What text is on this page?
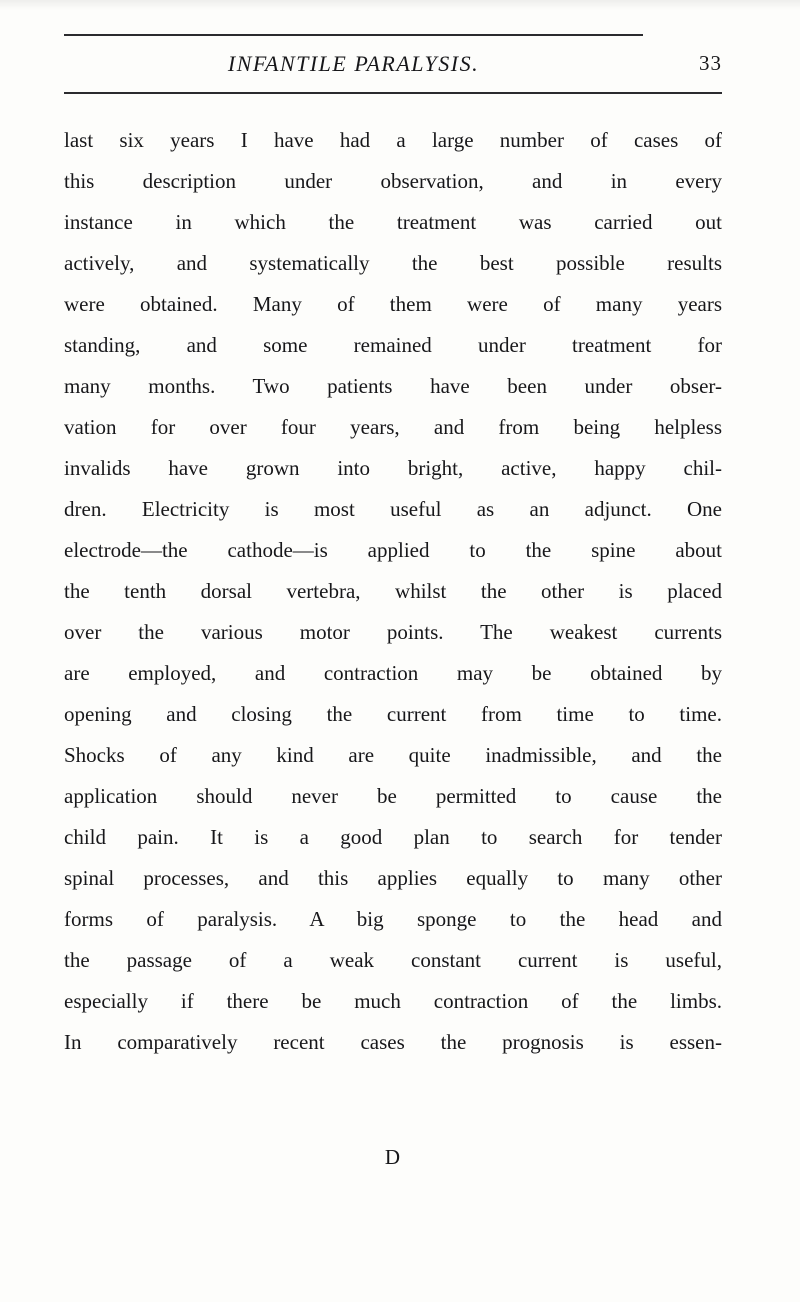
INFANTILE PARALYSIS.	33
last six years I have had a large number of cases of
this description under observation, and in every
instance in which the treatment was carried out
actively, and systematically the best possible results
were obtained. Many of them were of many years
standing, and some remained under treatment for
many months. Two patients have been under obser-
vation for over four years, and from being helpless
invalids have grown into bright, active, happy chil-
dren. Electricity is most useful as an adjunct. One
electrode—the cathode—is applied to the spine about
the tenth dorsal vertebra, whilst the other is placed
over the various motor points. The weakest currents
are employed, and contraction may be obtained by
opening and closing the current from time to time.
Shocks of any kind are quite inadmissible, and the
application should never be permitted to cause the
child pain. It is a good plan to search for tender
spinal processes, and this applies equally to many other
forms of paralysis. A big sponge to the head and
the passage of a weak constant current is useful,
especially if there be much contraction of the limbs.
In comparatively recent cases the prognosis is essen-
D
